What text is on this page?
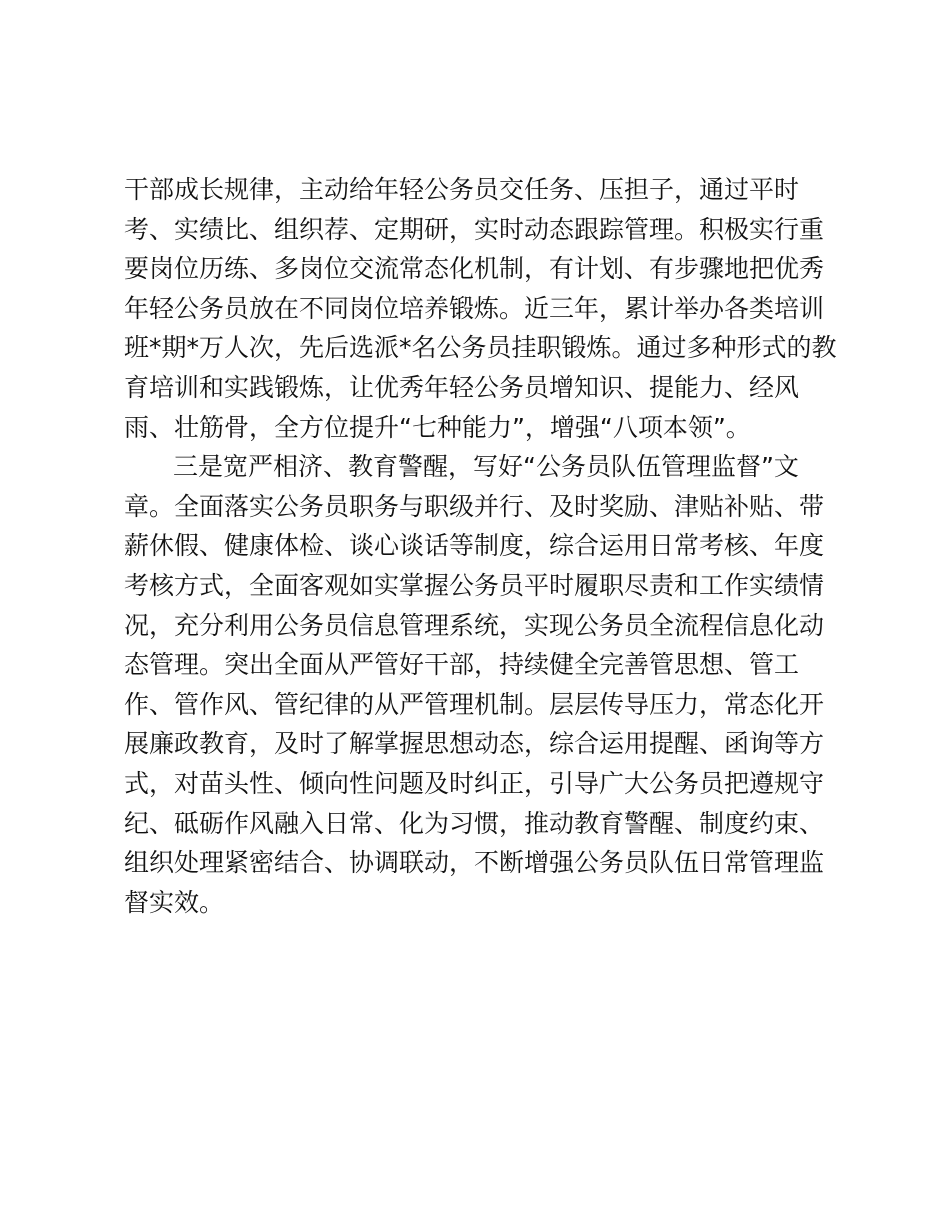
干部成长规律，主动给年轻公务员交任务、压担子，通过平时
考、实绩比、组织荐、定期研，实时动态跟踪管理。积极实行重
要岗位历练、多岗位交流常态化机制，有计划、有步骤地把优秀
年轻公务员放在不同岗位培养锻炼。近三年，累计举办各类培训
班*期*万人次，先后选派*名公务员挂职锻炼。通过多种形式的教
育培训和实践锻炼，让优秀年轻公务员增知识、提能力、经风
雨、壮筋骨，全方位提升“七种能力”，增强“八项本领”。
三是宽严相济、教育警醒，写好“公务员队伍管理监督”文
章。全面落实公务员职务与职级并行、及时奖励、津贴补贴、带
薪休假、健康体检、谈心谈话等制度，综合运用日常考核、年度
考核方式，全面客观如实掌握公务员平时履职尽责和工作实绩情
况，充分利用公务员信息管理系统，实现公务员全流程信息化动
态管理。突出全面从严管好干部，持续健全完善管思想、管工
作、管作风、管纪律的从严管理机制。层层传导压力，常态化开
展廉政教育，及时了解掌握思想动态，综合运用提醒、函询等方
式，对苗头性、倾向性问题及时纠正，引导广大公务员把遵规守
纪、砥砺作风融入日常、化为习惯，推动教育警醒、制度约束、
组织处理紧密结合、协调联动，不断增强公务员队伍日常管理监
督实效。
